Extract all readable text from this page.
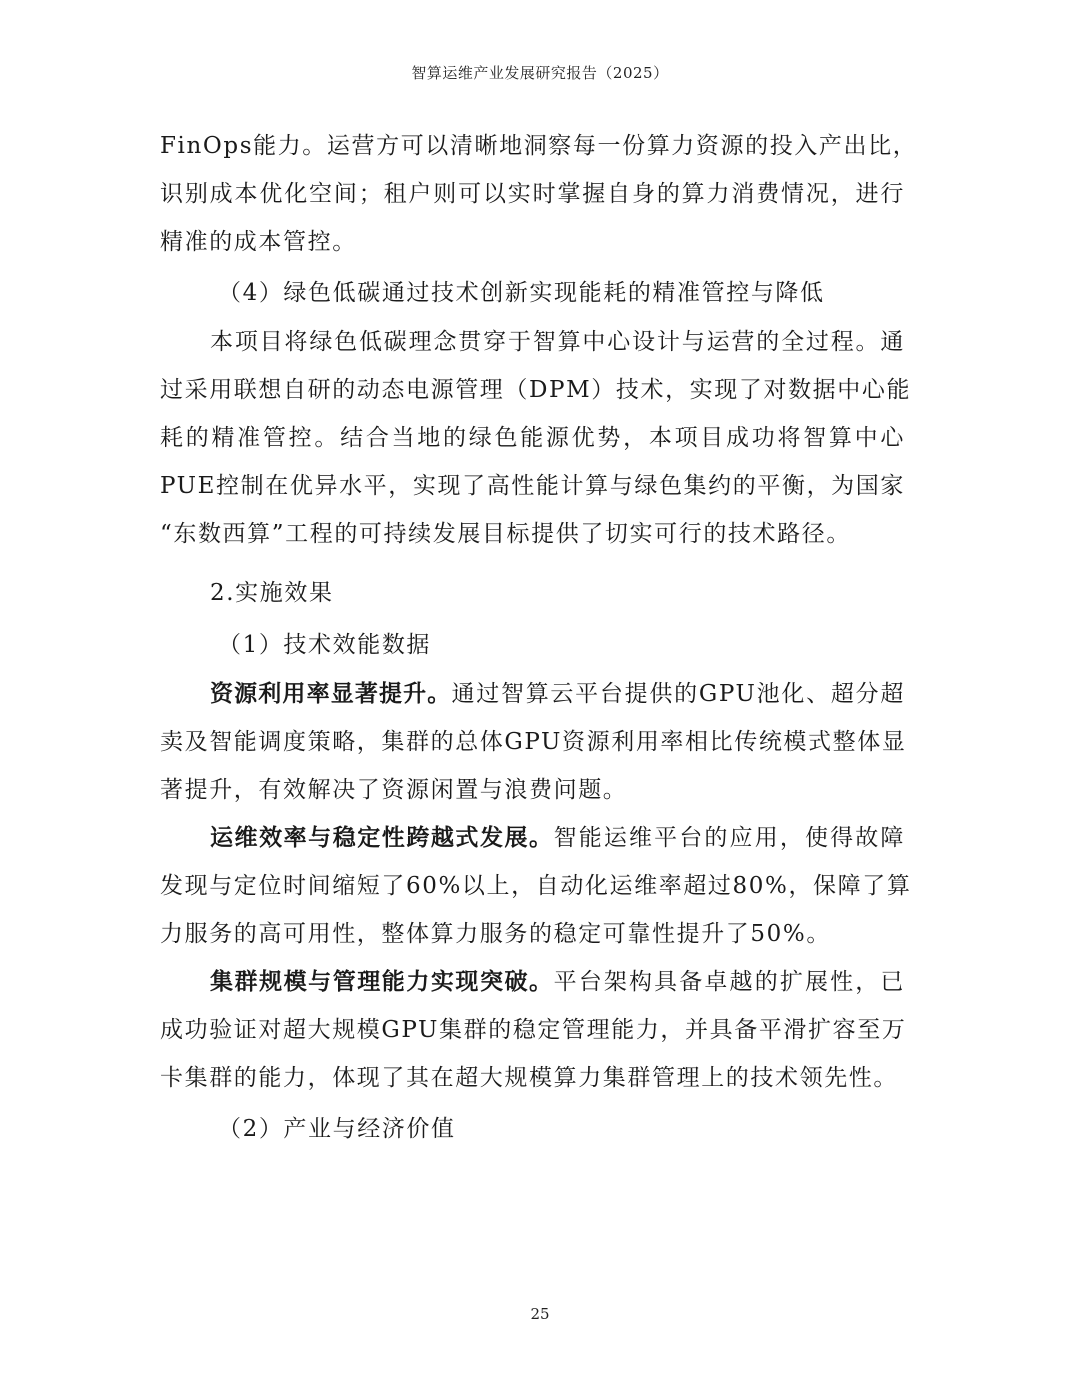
智算运维产业发展研究报告（2025）
FinOps能力。运营方可以清晰地洞察每一份算力资源的投入产出比，
识别成本优化空间；租户则可以实时掌握自身的算力消费情况，进行
精准的成本管控。
（4）绿色低碳通过技术创新实现能耗的精准管控与降低
本项目将绿色低碳理念贯穿于智算中心设计与运营的全过程。通
过采用联想自研的动态电源管理（DPM）技术，实现了对数据中心能
耗的精准管控。结合当地的绿色能源优势，本项目成功将智算中心
PUE控制在优异水平，实现了高性能计算与绿色集约的平衡，为国家
“东数西算”工程的可持续发展目标提供了切实可行的技术路径。
2.实施效果
（1）技术效能数据
资源利用率显著提升。通过智算云平台提供的GPU池化、超分超
卖及智能调度策略，集群的总体GPU资源利用率相比传统模式整体显
著提升，有效解决了资源闲置与浪费问题。
运维效率与稳定性跨越式发展。智能运维平台的应用，使得故障
发现与定位时间缩短了60%以上，自动化运维率超过80%，保障了算
力服务的高可用性，整体算力服务的稳定可靠性提升了50%。
集群规模与管理能力实现突破。平台架构具备卓越的扩展性，已
成功验证对超大规模GPU集群的稳定管理能力，并具备平滑扩容至万
卡集群的能力，体现了其在超大规模算力集群管理上的技术领先性。
（2）产业与经济价值
25
